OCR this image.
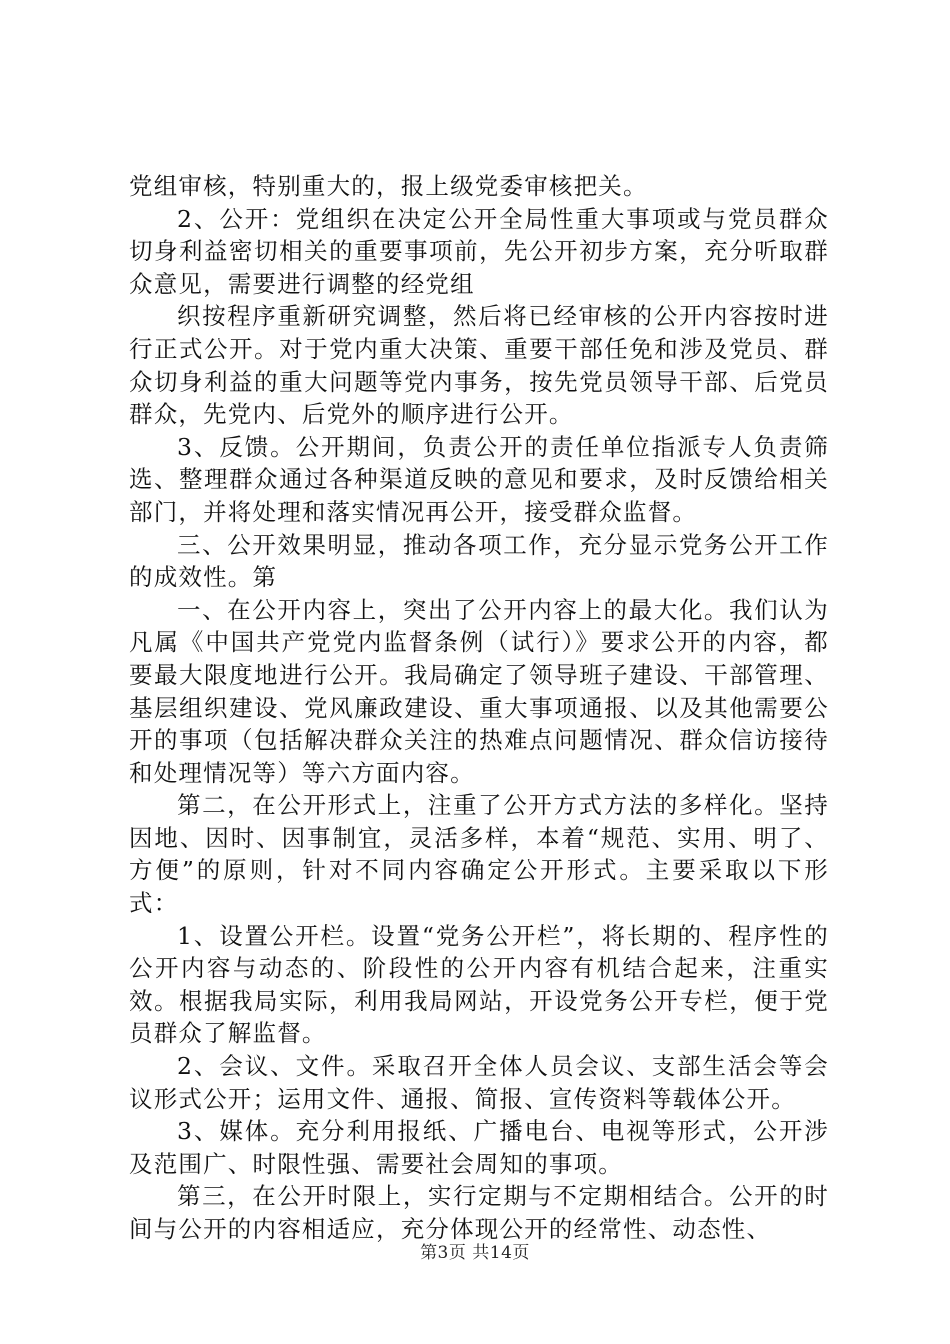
党组审核，特别重大的，报上级党委审核把关。

2、公开：党组织在决定公开全局性重大事项或与党员群众切身利益密切相关的重要事项前，先公开初步方案，充分听取群众意见，需要进行调整的经党组

织按程序重新研究调整，然后将已经审核的公开内容按时进行正式公开。对于党内重大决策、重要干部任免和涉及党员、群众切身利益的重大问题等党内事务，按先党员领导干部、后党员群众，先党内、后党外的顺序进行公开。

3、反馈。公开期间，负责公开的责任单位指派专人负责筛选、整理群众通过各种渠道反映的意见和要求，及时反馈给相关部门，并将处理和落实情况再公开，接受群众监督。

三、公开效果明显，推动各项工作，充分显示党务公开工作的成效性。第

一、在公开内容上，突出了公开内容上的最大化。我们认为凡属《中国共产党党内监督条例（试行）》要求公开的内容，都要最大限度地进行公开。我局确定了领导班子建设、干部管理、基层组织建设、党风廉政建设、重大事项通报、以及其他需要公开的事项（包括解决群众关注的热难点问题情况、群众信访接待和处理情况等）等六方面内容。

第二，在公开形式上，注重了公开方式方法的多样化。坚持因地、因时、因事制宜，灵活多样，本着“规范、实用、明了、方便”的原则，针对不同内容确定公开形式。主要采取以下形式：

1、设置公开栏。设置“党务公开栏”，将长期的、程序性的公开内容与动态的、阶段性的公开内容有机结合起来，注重实效。根据我局实际，利用我局网站，开设党务公开专栏，便于党员群众了解监督。

2、会议、文件。采取召开全体人员会议、支部生活会等会议形式公开；运用文件、通报、简报、宣传资料等载体公开。

3、媒体。充分利用报纸、广播电台、电视等形式，公开涉及范围广、时限性强、需要社会周知的事项。

第三，在公开时限上，实行定期与不定期相结合。公开的时间与公开的内容相适应，充分体现公开的经常性、动态性、

第3页 共14页
